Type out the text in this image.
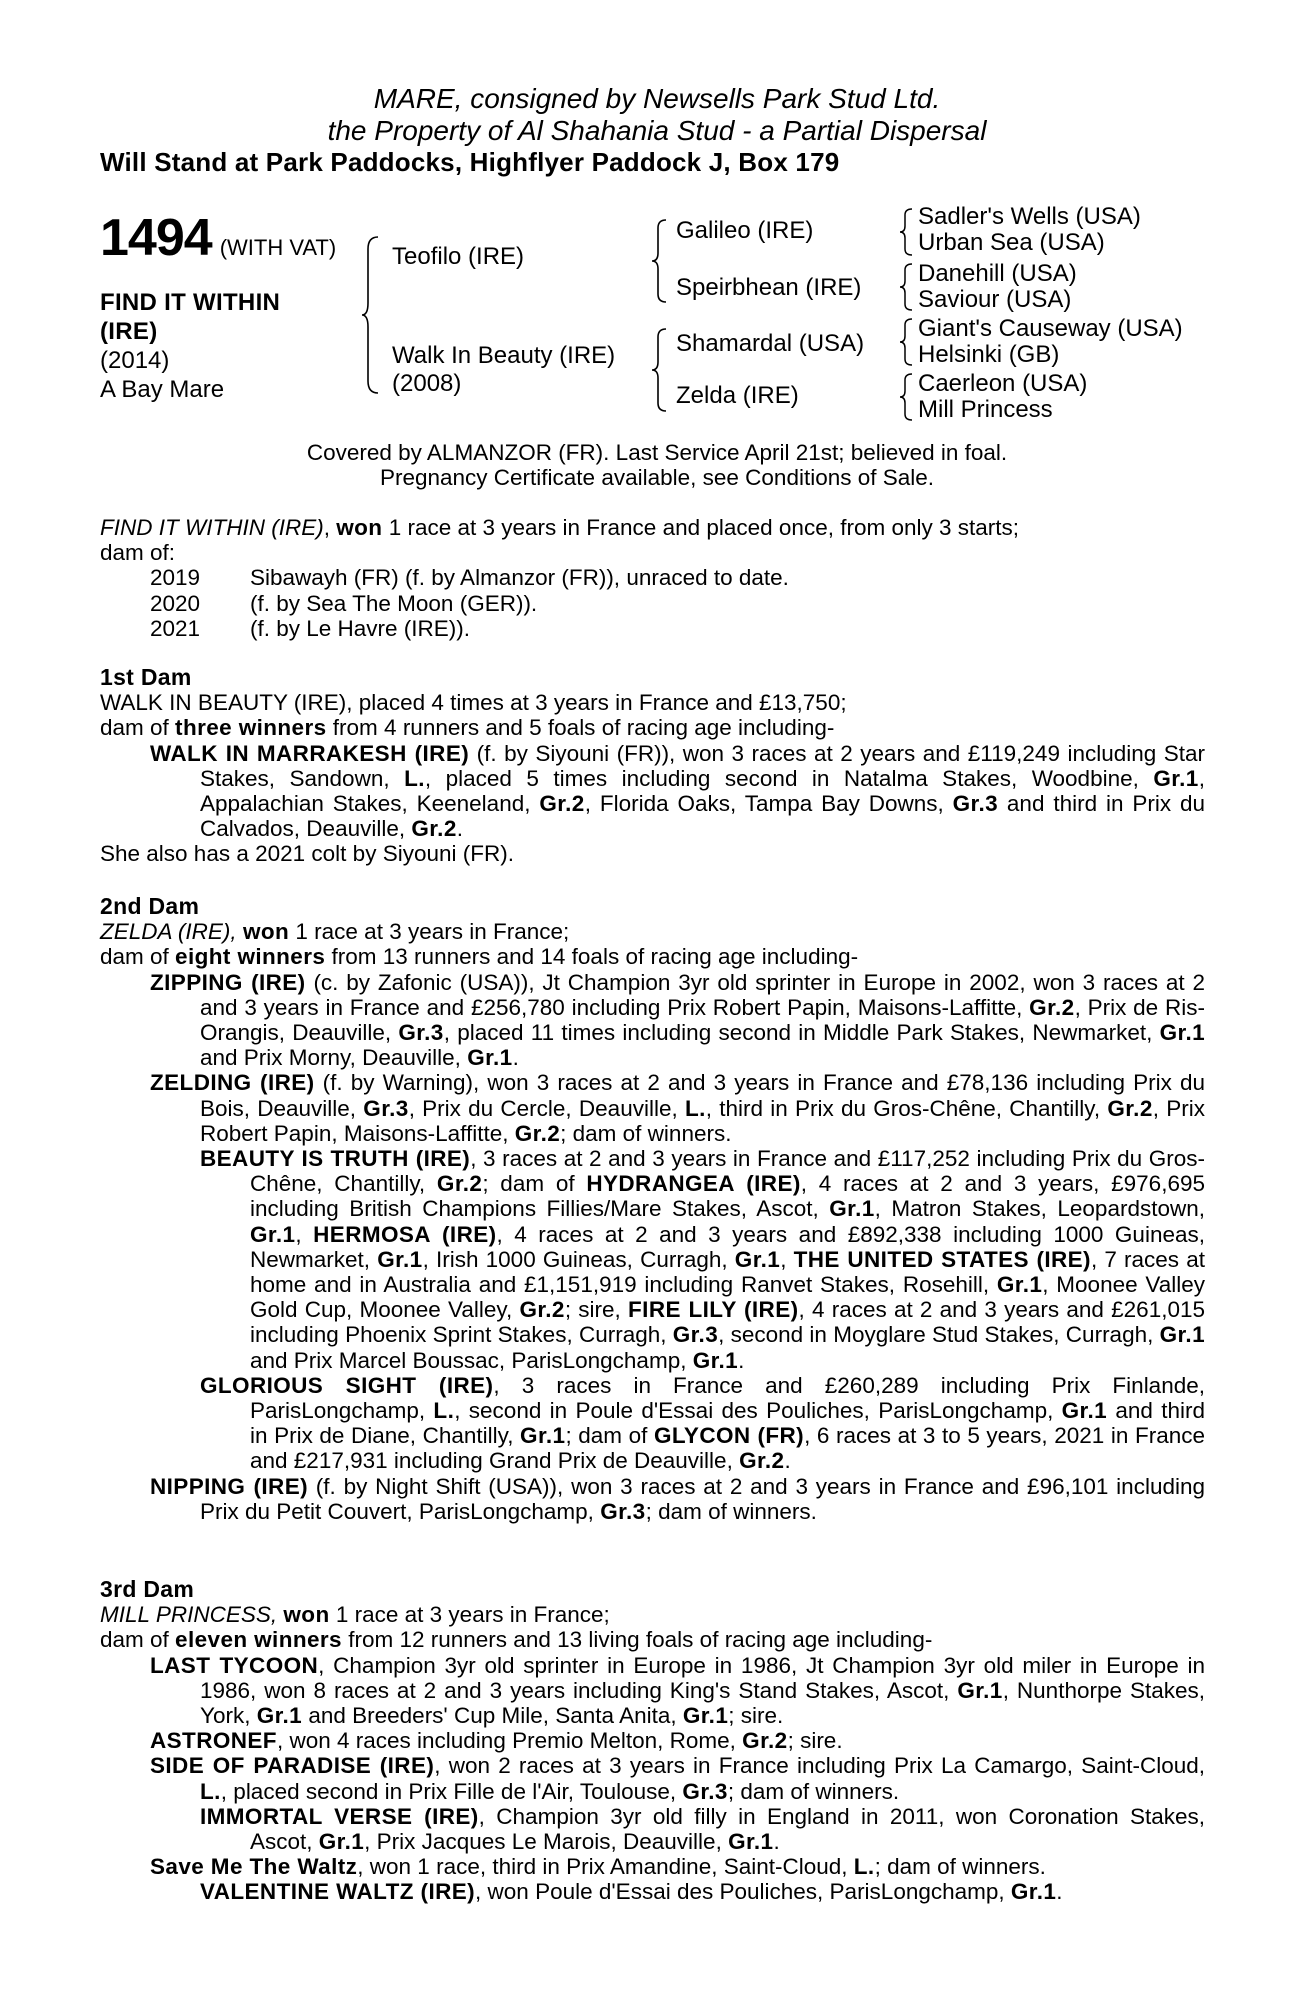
MARE, consigned by Newsells Park Stud Ltd.
the Property of Al Shahania Stud - a Partial Dispersal
Will Stand at Park Paddocks, Highflyer Paddock J, Box 179
1494 (WITH VAT)
FIND IT WITHIN
(IRE)
(2014)
A Bay Mare
Teofilo (IRE)
Walk In Beauty (IRE)
(2008)
Galileo (IRE)
Speirbhean (IRE)
Shamardal (USA)
Zelda (IRE)
Sadler's Wells (USA)
Urban Sea (USA)
Danehill (USA)
Saviour (USA)
Giant's Causeway (USA)
Helsinki (GB)
Caerleon (USA)
Mill Princess
Covered by ALMANZOR (FR). Last Service April 21st; believed in foal.
Pregnancy Certificate available, see Conditions of Sale.

FIND IT WITHIN (IRE), won 1 race at 3 years in France and placed once, from only 3 starts;

dam of:

2019 Sibawayh (FR) (f. by Almanzor (FR)), unraced to date.

2020 (f. by Sea The Moon (GER)).

2021 (f. by Le Havre (IRE)).

1st Dam

WALK IN BEAUTY (IRE), placed 4 times at 3 years in France and £13,750;

dam of three winners from 4 runners and 5 foals of racing age including-

WALK IN MARRAKESH (IRE) (f. by Siyouni (FR)), won 3 races at 2 years and £119,249 including Star Stakes, Sandown, L., placed 5 times including second in Natalma Stakes, Woodbine, Gr.1, Appalachian Stakes, Keeneland, Gr.2, Florida Oaks, Tampa Bay Downs, Gr.3 and third in Prix du Calvados, Deauville, Gr.2.

She also has a 2021 colt by Siyouni (FR).

2nd Dam

ZELDA (IRE), won 1 race at 3 years in France;

dam of eight winners from 13 runners and 14 foals of racing age including-

ZIPPING (IRE) (c. by Zafonic (USA)), Jt Champion 3yr old sprinter in Europe in 2002, won 3 races at 2 and 3 years in France and £256,780 including Prix Robert Papin, Maisons-Laffitte, Gr.2, Prix de Ris-Orangis, Deauville, Gr.3, placed 11 times including second in Middle Park Stakes, Newmarket, Gr.1 and Prix Morny, Deauville, Gr.1.

ZELDING (IRE) (f. by Warning), won 3 races at 2 and 3 years in France and £78,136 including Prix du Bois, Deauville, Gr.3, Prix du Cercle, Deauville, L., third in Prix du Gros-Chêne, Chantilly, Gr.2, Prix Robert Papin, Maisons-Laffitte, Gr.2; dam of winners.

BEAUTY IS TRUTH (IRE), 3 races at 2 and 3 years in France and £117,252 including Prix du Gros-Chêne, Chantilly, Gr.2; dam of HYDRANGEA (IRE), 4 races at 2 and 3 years, £976,695 including British Champions Fillies/Mare Stakes, Ascot, Gr.1, Matron Stakes, Leopardstown, Gr.1, HERMOSA (IRE), 4 races at 2 and 3 years and £892,338 including 1000 Guineas, Newmarket, Gr.1, Irish 1000 Guineas, Curragh, Gr.1, THE UNITED STATES (IRE), 7 races at home and in Australia and £1,151,919 including Ranvet Stakes, Rosehill, Gr.1, Moonee Valley Gold Cup, Moonee Valley, Gr.2; sire, FIRE LILY (IRE), 4 races at 2 and 3 years and £261,015 including Phoenix Sprint Stakes, Curragh, Gr.3, second in Moyglare Stud Stakes, Curragh, Gr.1 and Prix Marcel Boussac, ParisLongchamp, Gr.1.

GLORIOUS SIGHT (IRE), 3 races in France and £260,289 including Prix Finlande, ParisLongchamp, L., second in Poule d'Essai des Pouliches, ParisLongchamp, Gr.1 and third in Prix de Diane, Chantilly, Gr.1; dam of GLYCON (FR), 6 races at 3 to 5 years, 2021 in France and £217,931 including Grand Prix de Deauville, Gr.2.

NIPPING (IRE) (f. by Night Shift (USA)), won 3 races at 2 and 3 years in France and £96,101 including Prix du Petit Couvert, ParisLongchamp, Gr.3; dam of winners.

3rd Dam

MILL PRINCESS, won 1 race at 3 years in France;

dam of eleven winners from 12 runners and 13 living foals of racing age including-

LAST TYCOON, Champion 3yr old sprinter in Europe in 1986, Jt Champion 3yr old miler in Europe in 1986, won 8 races at 2 and 3 years including King's Stand Stakes, Ascot, Gr.1, Nunthorpe Stakes, York, Gr.1 and Breeders' Cup Mile, Santa Anita, Gr.1; sire.

ASTRONEF, won 4 races including Premio Melton, Rome, Gr.2; sire.

SIDE OF PARADISE (IRE), won 2 races at 3 years in France including Prix La Camargo, Saint-Cloud, L., placed second in Prix Fille de l'Air, Toulouse, Gr.3; dam of winners.

IMMORTAL VERSE (IRE), Champion 3yr old filly in England in 2011, won Coronation Stakes, Ascot, Gr.1, Prix Jacques Le Marois, Deauville, Gr.1.

Save Me The Waltz, won 1 race, third in Prix Amandine, Saint-Cloud, L.; dam of winners.

VALENTINE WALTZ (IRE), won Poule d'Essai des Pouliches, ParisLongchamp, Gr.1.
